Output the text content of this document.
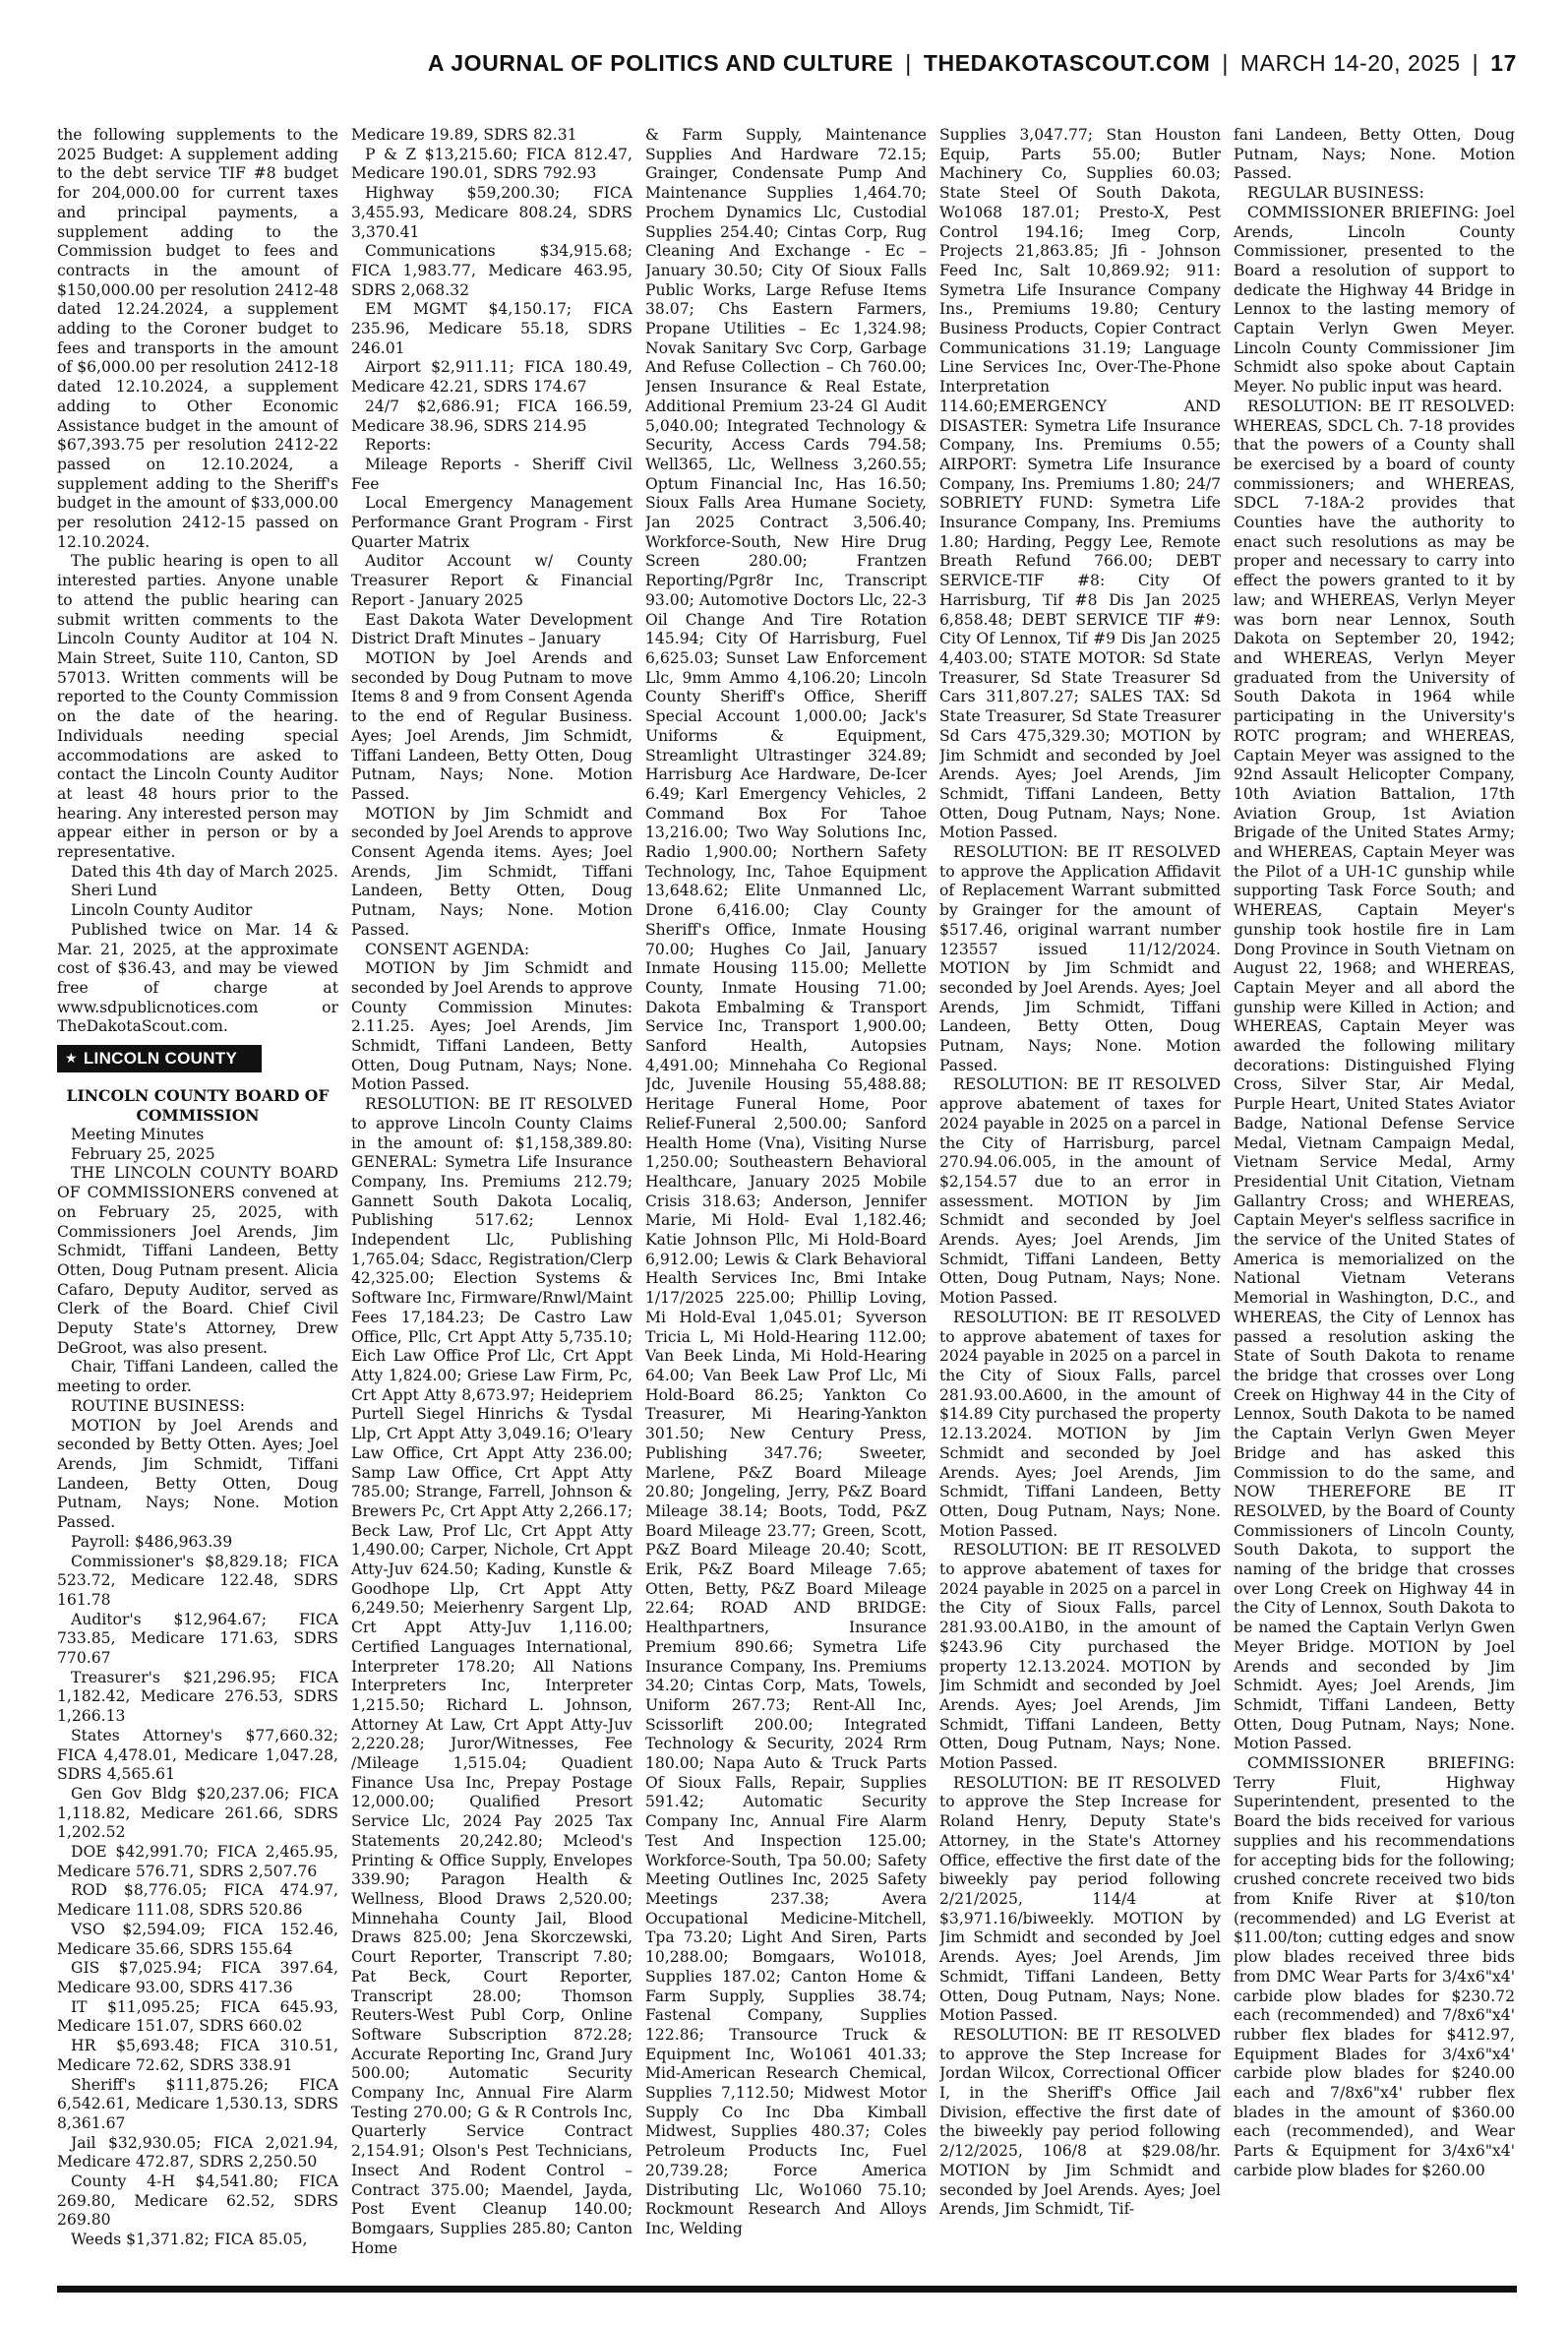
A JOURNAL OF POLITICS AND CULTURE | THEDAKOTASCOUT.COM | MARCH 14-20, 2025 | 17

the following supplements to the 2025 Budget: A supplement adding to the debt service TIF #8 budget for 204,000.00 for current taxes and principal payments, a supplement adding to the Commission budget to fees and contracts in the amount of $150,000.00 per resolution 2412-48 dated 12.24.2024, a supplement adding to the Coroner budget to fees and transports in the amount of $6,000.00 per resolution 2412-18 dated 12.10.2024, a supplement adding to Other Economic Assistance budget in the amount of $67,393.75 per resolution 2412-22 passed on 12.10.2024, a supplement adding to the Sheriff's budget in the amount of $33,000.00 per resolution 2412-15 passed on 12.10.2024.

The public hearing is open to all interested parties. Anyone unable to attend the public hearing can submit written comments to the Lincoln County Auditor at 104 N. Main Street, Suite 110, Canton, SD 57013. Written comments will be reported to the County Commission on the date of the hearing. Individuals needing special accommodations are asked to contact the Lincoln County Auditor at least 48 hours prior to the hearing. Any interested person may appear either in person or by a representative.

Dated this 4th day of March 2025.

Sheri Lund

Lincoln County Auditor

Published twice on Mar. 14 & Mar. 21, 2025, at the approximate cost of $36.43, and may be viewed free of charge at www.sdpublicnotices.com or TheDakotaScout.com.

★ LINCOLN COUNTY

LINCOLN COUNTY BOARD OF COMMISSION

Meeting Minutes

February 25, 2025

THE LINCOLN COUNTY BOARD OF COMMISSIONERS convened at on February 25, 2025, with Commissioners Joel Arends, Jim Schmidt, Tiffani Landeen, Betty Otten, Doug Putnam present. Alicia Cafaro, Deputy Auditor, served as Clerk of the Board. Chief Civil Deputy State's Attorney, Drew DeGroot, was also present.

Chair, Tiffani Landeen, called the meeting to order.

ROUTINE BUSINESS:

MOTION by Joel Arends and seconded by Betty Otten. Ayes; Joel Arends, Jim Schmidt, Tiffani Landeen, Betty Otten, Doug Putnam, Nays; None. Motion Passed.

Payroll: $486,963.39

Commissioner's $8,829.18; FICA 523.72, Medicare 122.48, SDRS 161.78

Auditor's $12,964.67; FICA 733.85, Medicare 171.63, SDRS 770.67

Treasurer's $21,296.95; FICA 1,182.42, Medicare 276.53, SDRS 1,266.13

States Attorney's $77,660.32; FICA 4,478.01, Medicare 1,047.28, SDRS 4,565.61

Gen Gov Bldg $20,237.06; FICA 1,118.82, Medicare 261.66, SDRS 1,202.52

DOE $42,991.70; FICA 2,465.95, Medicare 576.71, SDRS 2,507.76

ROD $8,776.05; FICA 474.97, Medicare 111.08, SDRS 520.86

VSO $2,594.09; FICA 152.46, Medicare 35.66, SDRS 155.64

GIS $7,025.94; FICA 397.64, Medicare 93.00, SDRS 417.36

IT $11,095.25; FICA 645.93, Medicare 151.07, SDRS 660.02

HR $5,693.48; FICA 310.51, Medicare 72.62, SDRS 338.91

Sheriff's $111,875.26; FICA 6,542.61, Medicare 1,530.13, SDRS 8,361.67

Jail $32,930.05; FICA 2,021.94, Medicare 472.87, SDRS 2,250.50

County 4-H $4,541.80; FICA 269.80, Medicare 62.52, SDRS 269.80

Weeds $1,371.82; FICA 85.05,

Medicare 19.89, SDRS 82.31

P & Z $13,215.60; FICA 812.47, Medicare 190.01, SDRS 792.93

Highway $59,200.30; FICA 3,455.93, Medicare 808.24, SDRS 3,370.41

Communications $34,915.68; FICA 1,983.77, Medicare 463.95, SDRS 2,068.32

EM MGMT $4,150.17; FICA 235.96, Medicare 55.18, SDRS 246.01

Airport $2,911.11; FICA 180.49, Medicare 42.21, SDRS 174.67

24/7 $2,686.91; FICA 166.59, Medicare 38.96, SDRS 214.95

Reports:

Mileage Reports - Sheriff Civil Fee

Local Emergency Management Performance Grant Program - First Quarter Matrix

Auditor Account w/ County Treasurer Report & Financial Report - January 2025

East Dakota Water Development District Draft Minutes – January

MOTION by Joel Arends and seconded by Doug Putnam to move Items 8 and 9 from Consent Agenda to the end of Regular Business. Ayes; Joel Arends, Jim Schmidt, Tiffani Landeen, Betty Otten, Doug Putnam, Nays; None. Motion Passed.

MOTION by Jim Schmidt and seconded by Joel Arends to approve Consent Agenda items. Ayes; Joel Arends, Jim Schmidt, Tiffani Landeen, Betty Otten, Doug Putnam, Nays; None. Motion Passed.

CONSENT AGENDA:

MOTION by Jim Schmidt and seconded by Joel Arends to approve County Commission Minutes: 2.11.25. Ayes; Joel Arends, Jim Schmidt, Tiffani Landeen, Betty Otten, Doug Putnam, Nays; None. Motion Passed.

RESOLUTION: BE IT RESOLVED to approve Lincoln County Claims in the amount of: $1,158,389.80: GENERAL: Symetra Life Insurance Company, Ins. Premiums 212.79; Gannett South Dakota Localiq, Publishing 517.62; Lennox Independent Llc, Publishing 1,765.04; Sdacc, Registration/Clerp 42,325.00; Election Systems & Software Inc, Firmware/Rnwl/Maint Fees 17,184.23; De Castro Law Office, Pllc, Crt Appt Atty 5,735.10; Eich Law Office Prof Llc, Crt Appt Atty 1,824.00; Griese Law Firm, Pc, Crt Appt Atty 8,673.97; Heidepriem Purtell Siegel Hinrichs & Tysdal Llp, Crt Appt Atty 3,049.16; O'leary Law Office, Crt Appt Atty 236.00; Samp Law Office, Crt Appt Atty 785.00; Strange, Farrell, Johnson & Brewers Pc, Crt Appt Atty 2,266.17; Beck Law, Prof Llc, Crt Appt Atty 1,490.00; Carper, Nichole, Crt Appt Atty-Juv 624.50; Kading, Kunstle & Goodhope Llp, Crt Appt Atty 6,249.50; Meierhenry Sargent Llp, Crt Appt Atty-Juv 1,116.00; Certified Languages International, Interpreter 178.20; All Nations Interpreters Inc, Interpreter 1,215.50; Richard L. Johnson, Attorney At Law, Crt Appt Atty-Juv 2,220.28; Juror/Witnesses, Fee /Mileage 1,515.04; Quadient Finance Usa Inc, Prepay Postage 12,000.00; Qualified Presort Service Llc, 2024 Pay 2025 Tax Statements 20,242.80; Mcleod's Printing & Office Supply, Envelopes 339.90; Paragon Health & Wellness, Blood Draws 2,520.00; Minnehaha County Jail, Blood Draws 825.00; Jena Skorczewski, Court Reporter, Transcript 7.80; Pat Beck, Court Reporter, Transcript 28.00; Thomson Reuters-West Publ Corp, Online Software Subscription 872.28; Accurate Reporting Inc, Grand Jury 500.00; Automatic Security Company Inc, Annual Fire Alarm Testing 270.00; G & R Controls Inc, Quarterly Service Contract 2,154.91; Olson's Pest Technicians, Insect And Rodent Control – Contract 375.00; Maendel, Jayda, Post Event Cleanup 140.00; Bomgaars, Supplies 285.80; Canton Home

& Farm Supply, Maintenance Supplies And Hardware 72.15; Grainger, Condensate Pump And Maintenance Supplies 1,464.70; Prochem Dynamics Llc, Custodial Supplies 254.40; Cintas Corp, Rug Cleaning And Exchange - Ec – January 30.50; City Of Sioux Falls Public Works, Large Refuse Items 38.07; Chs Eastern Farmers, Propane Utilities – Ec 1,324.98; Novak Sanitary Svc Corp, Garbage And Refuse Collection – Ch 760.00; Jensen Insurance & Real Estate, Additional Premium 23-24 Gl Audit 5,040.00; Integrated Technology & Security, Access Cards 794.58; Well365, Llc, Wellness 3,260.55; Optum Financial Inc, Has 16.50; Sioux Falls Area Humane Society, Jan 2025 Contract 3,506.40; Workforce-South, New Hire Drug Screen 280.00; Frantzen Reporting/Pgr8r Inc, Transcript 93.00; Automotive Doctors Llc, 22-3 Oil Change And Tire Rotation 145.94; City Of Harrisburg, Fuel 6,625.03; Sunset Law Enforcement Llc, 9mm Ammo 4,106.20; Lincoln County Sheriff's Office, Sheriff Special Account 1,000.00; Jack's Uniforms & Equipment, Streamlight Ultrastinger 324.89; Harrisburg Ace Hardware, De-Icer 6.49; Karl Emergency Vehicles, 2 Command Box For Tahoe 13,216.00; Two Way Solutions Inc, Radio 1,900.00; Northern Safety Technology, Inc, Tahoe Equipment 13,648.62; Elite Unmanned Llc, Drone 6,416.00; Clay County Sheriff's Office, Inmate Housing 70.00; Hughes Co Jail, January Inmate Housing 115.00; Mellette County, Inmate Housing 71.00; Dakota Embalming & Transport Service Inc, Transport 1,900.00; Sanford Health, Autopsies 4,491.00; Minnehaha Co Regional Jdc, Juvenile Housing 55,488.88; Heritage Funeral Home, Poor Relief-Funeral 2,500.00; Sanford Health Home (Vna), Visiting Nurse 1,250.00; Southeastern Behavioral Healthcare, January 2025 Mobile Crisis 318.63; Anderson, Jennifer Marie, Mi Hold- Eval 1,182.46; Katie Johnson Pllc, Mi Hold-Board 6,912.00; Lewis & Clark Behavioral Health Services Inc, Bmi Intake 1/17/2025 225.00; Phillip Loving, Mi Hold-Eval 1,045.01; Syverson Tricia L, Mi Hold-Hearing 112.00; Van Beek Linda, Mi Hold-Hearing 64.00; Van Beek Law Prof Llc, Mi Hold-Board 86.25; Yankton Co Treasurer, Mi Hearing-Yankton 301.50; New Century Press, Publishing 347.76; Sweeter, Marlene, P&Z Board Mileage 20.80; Jongeling, Jerry, P&Z Board Mileage 38.14; Boots, Todd, P&Z Board Mileage 23.77; Green, Scott, P&Z Board Mileage 20.40; Scott, Erik, P&Z Board Mileage 7.65; Otten, Betty, P&Z Board Mileage 22.64; ROAD AND BRIDGE: Healthpartners, Insurance Premium 890.66; Symetra Life Insurance Company, Ins. Premiums 34.20; Cintas Corp, Mats, Towels, Uniform 267.73; Rent-All Inc, Scissorlift 200.00; Integrated Technology & Security, 2024 Rrm 180.00; Napa Auto & Truck Parts Of Sioux Falls, Repair, Supplies 591.42; Automatic Security Company Inc, Annual Fire Alarm Test And Inspection 125.00; Workforce-South, Tpa 50.00; Safety Meeting Outlines Inc, 2025 Safety Meetings 237.38; Avera Occupational Medicine-Mitchell, Tpa 73.20; Light And Siren, Parts 10,288.00; Bomgaars, Wo1018, Supplies 187.02; Canton Home & Farm Supply, Supplies 38.74; Fastenal Company, Supplies 122.86; Transource Truck & Equipment Inc, Wo1061 401.33; Mid-American Research Chemical, Supplies 7,112.50; Midwest Motor Supply Co Inc Dba Kimball Midwest, Supplies 480.37; Coles Petroleum Products Inc, Fuel 20,739.28; Force America Distributing Llc, Wo1060 75.10; Rockmount Research And Alloys Inc, Welding

Supplies 3,047.77; Stan Houston Equip, Parts 55.00; Butler Machinery Co, Supplies 60.03; State Steel Of South Dakota, Wo1068 187.01; Presto-X, Pest Control 194.16; Imeg Corp, Projects 21,863.85; Jfi - Johnson Feed Inc, Salt 10,869.92; 911: Symetra Life Insurance Company Ins., Premiums 19.80; Century Business Products, Copier Contract Communications 31.19; Language Line Services Inc, Over-The-Phone Interpretation 114.60;EMERGENCY AND DISASTER: Symetra Life Insurance Company, Ins. Premiums 0.55; AIRPORT: Symetra Life Insurance Company, Ins. Premiums 1.80; 24/7 SOBRIETY FUND: Symetra Life Insurance Company, Ins. Premiums 1.80; Harding, Peggy Lee, Remote Breath Refund 766.00; DEBT SERVICE-TIF #8: City Of Harrisburg, Tif #8 Dis Jan 2025 6,858.48; DEBT SERVICE TIF #9: City Of Lennox, Tif #9 Dis Jan 2025 4,403.00; STATE MOTOR: Sd State Treasurer, Sd State Treasurer Sd Cars 311,807.27; SALES TAX: Sd State Treasurer, Sd State Treasurer Sd Cars 475,329.30; MOTION by Jim Schmidt and seconded by Joel Arends. Ayes; Joel Arends, Jim Schmidt, Tiffani Landeen, Betty Otten, Doug Putnam, Nays; None. Motion Passed.

RESOLUTION: BE IT RESOLVED to approve the Application Affidavit of Replacement Warrant submitted by Grainger for the amount of $517.46, original warrant number 123557 issued 11/12/2024. MOTION by Jim Schmidt and seconded by Joel Arends. Ayes; Joel Arends, Jim Schmidt, Tiffani Landeen, Betty Otten, Doug Putnam, Nays; None. Motion Passed.

RESOLUTION: BE IT RESOLVED approve abatement of taxes for 2024 payable in 2025 on a parcel in the City of Harrisburg, parcel 270.94.06.005, in the amount of $2,154.57 due to an error in assessment. MOTION by Jim Schmidt and seconded by Joel Arends. Ayes; Joel Arends, Jim Schmidt, Tiffani Landeen, Betty Otten, Doug Putnam, Nays; None. Motion Passed.

RESOLUTION: BE IT RESOLVED to approve abatement of taxes for 2024 payable in 2025 on a parcel in the City of Sioux Falls, parcel 281.93.00.A600, in the amount of $14.89 City purchased the property 12.13.2024. MOTION by Jim Schmidt and seconded by Joel Arends. Ayes; Joel Arends, Jim Schmidt, Tiffani Landeen, Betty Otten, Doug Putnam, Nays; None. Motion Passed.

RESOLUTION: BE IT RESOLVED to approve abatement of taxes for 2024 payable in 2025 on a parcel in the City of Sioux Falls, parcel 281.93.00.A1B0, in the amount of $243.96 City purchased the property 12.13.2024. MOTION by Jim Schmidt and seconded by Joel Arends. Ayes; Joel Arends, Jim Schmidt, Tiffani Landeen, Betty Otten, Doug Putnam, Nays; None. Motion Passed.

RESOLUTION: BE IT RESOLVED to approve the Step Increase for Roland Henry, Deputy State's Attorney, in the State's Attorney Office, effective the first date of the biweekly pay period following 2/21/2025, 114/4 at $3,971.16/biweekly. MOTION by Jim Schmidt and seconded by Joel Arends. Ayes; Joel Arends, Jim Schmidt, Tiffani Landeen, Betty Otten, Doug Putnam, Nays; None. Motion Passed.

RESOLUTION: BE IT RESOLVED to approve the Step Increase for Jordan Wilcox, Correctional Officer I, in the Sheriff's Office Jail Division, effective the first date of the biweekly pay period following 2/12/2025, 106/8 at $29.08/hr. MOTION by Jim Schmidt and seconded by Joel Arends. Ayes; Joel Arends, Jim Schmidt, Tif-

fani Landeen, Betty Otten, Doug Putnam, Nays; None. Motion Passed.

REGULAR BUSINESS:

COMMISSIONER BRIEFING: Joel Arends, Lincoln County Commissioner, presented to the Board a resolution of support to dedicate the Highway 44 Bridge in Lennox to the lasting memory of Captain Verlyn Gwen Meyer. Lincoln County Commissioner Jim Schmidt also spoke about Captain Meyer. No public input was heard.

RESOLUTION: BE IT RESOLVED: WHEREAS, SDCL Ch. 7-18 provides that the powers of a County shall be exercised by a board of county commissioners; and WHEREAS, SDCL 7-18A-2 provides that Counties have the authority to enact such resolutions as may be proper and necessary to carry into effect the powers granted to it by law; and WHEREAS, Verlyn Meyer was born near Lennox, South Dakota on September 20, 1942; and WHEREAS, Verlyn Meyer graduated from the University of South Dakota in 1964 while participating in the University's ROTC program; and WHEREAS, Captain Meyer was assigned to the 92nd Assault Helicopter Company, 10th Aviation Battalion, 17th Aviation Group, 1st Aviation Brigade of the United States Army; and WHEREAS, Captain Meyer was the Pilot of a UH-1C gunship while supporting Task Force South; and WHEREAS, Captain Meyer's gunship took hostile fire in Lam Dong Province in South Vietnam on August 22, 1968; and WHEREAS, Captain Meyer and all abord the gunship were Killed in Action; and WHEREAS, Captain Meyer was awarded the following military decorations: Distinguished Flying Cross, Silver Star, Air Medal, Purple Heart, United States Aviator Badge, National Defense Service Medal, Vietnam Campaign Medal, Vietnam Service Medal, Army Presidential Unit Citation, Vietnam Gallantry Cross; and WHEREAS, Captain Meyer's selfless sacrifice in the service of the United States of America is memorialized on the National Vietnam Veterans Memorial in Washington, D.C., and WHEREAS, the City of Lennox has passed a resolution asking the State of South Dakota to rename the bridge that crosses over Long Creek on Highway 44 in the City of Lennox, South Dakota to be named the Captain Verlyn Gwen Meyer Bridge and has asked this Commission to do the same, and NOW THEREFORE BE IT RESOLVED, by the Board of County Commissioners of Lincoln County, South Dakota, to support the naming of the bridge that crosses over Long Creek on Highway 44 in the City of Lennox, South Dakota to be named the Captain Verlyn Gwen Meyer Bridge. MOTION by Joel Arends and seconded by Jim Schmidt. Ayes; Joel Arends, Jim Schmidt, Tiffani Landeen, Betty Otten, Doug Putnam, Nays; None. Motion Passed.

COMMISSIONER BRIEFING: Terry Fluit, Highway Superintendent, presented to the Board the bids received for various supplies and his recommendations for accepting bids for the following; crushed concrete received two bids from Knife River at $10/ton (recommended) and LG Everist at $11.00/ton; cutting edges and snow plow blades received three bids from DMC Wear Parts for 3/4x6"x4' carbide plow blades for $230.72 each (recommended) and 7/8x6"x4' rubber flex blades for $412.97, Equipment Blades for 3/4x6"x4' carbide plow blades for $240.00 each and 7/8x6"x4' rubber flex blades in the amount of $360.00 each (recommended), and Wear Parts & Equipment for 3/4x6"x4' carbide plow blades for $260.00
